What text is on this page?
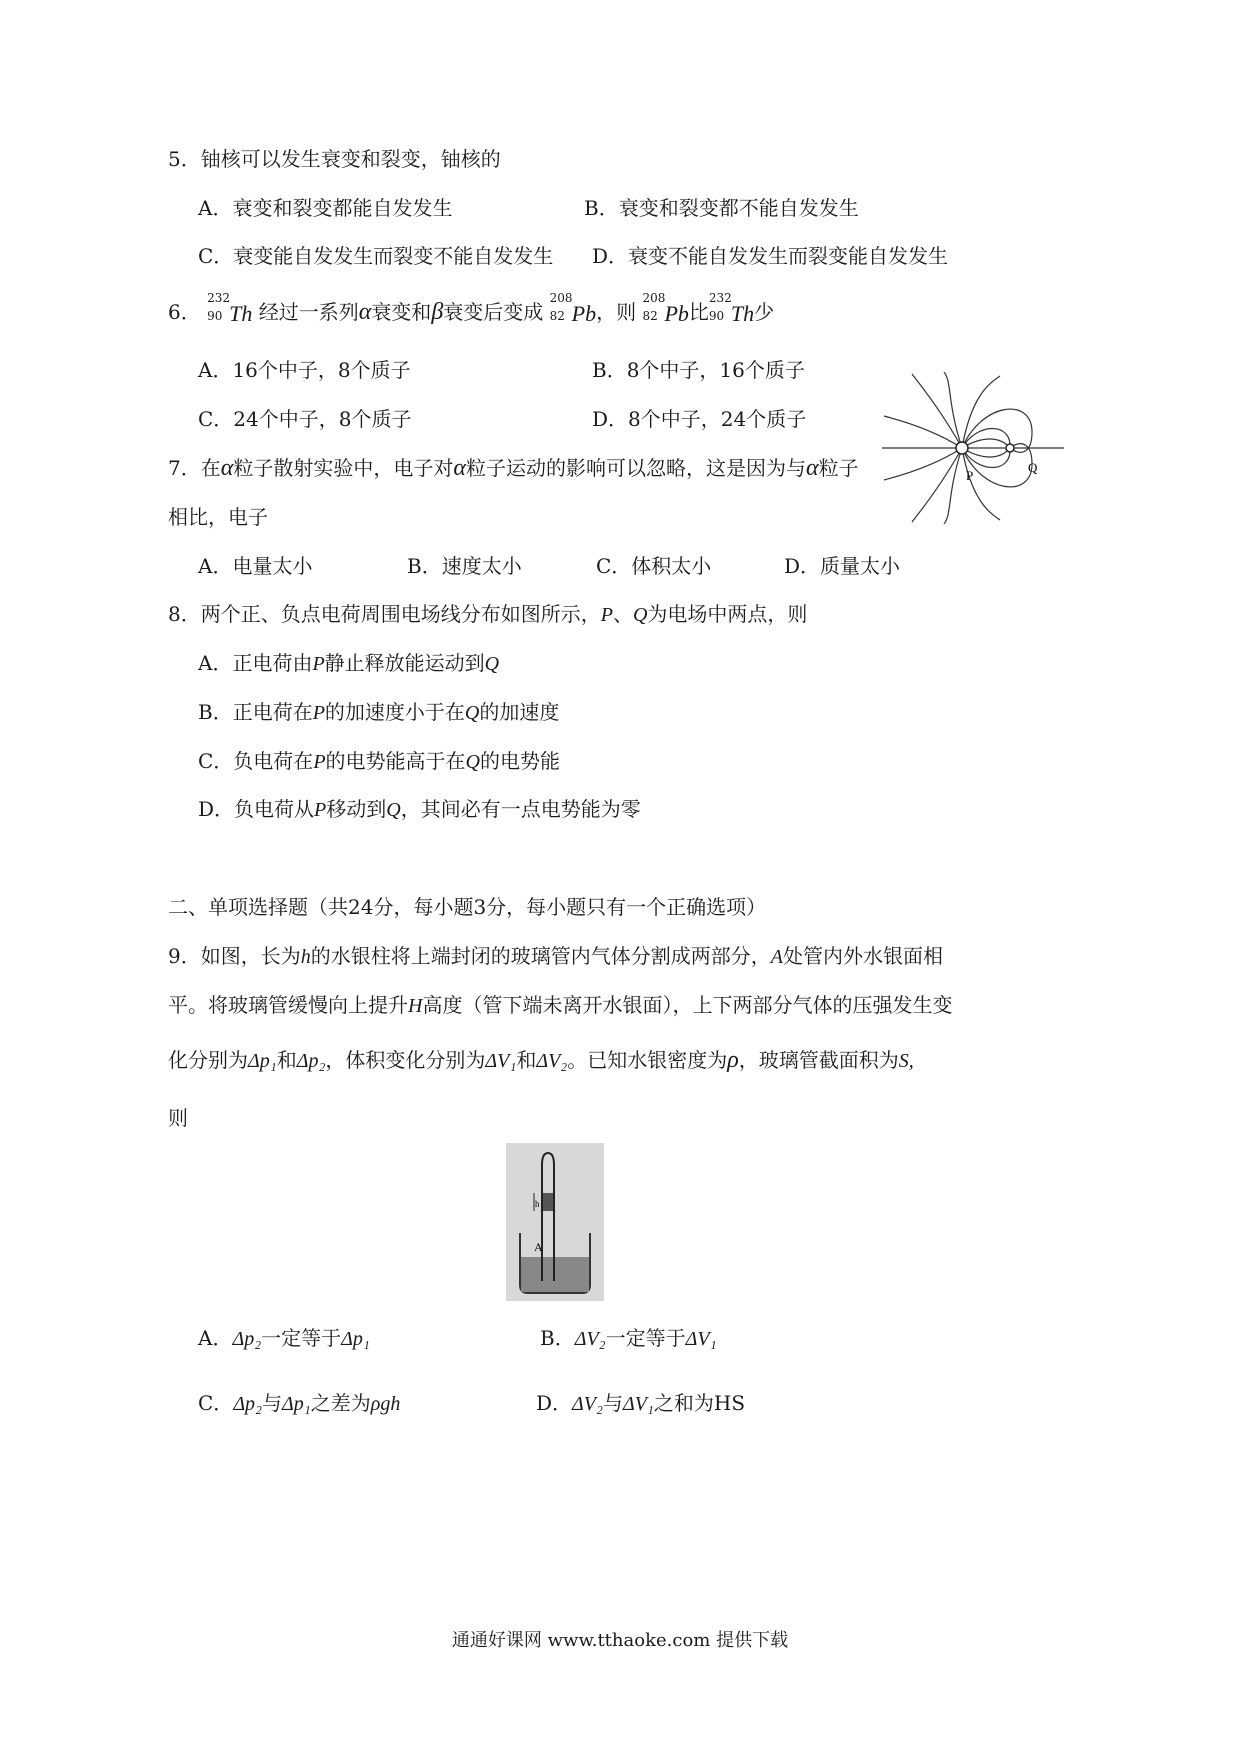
5．铀核可以发生衰变和裂变，铀核的
A．衰变和裂变都能自发发生	B．衰变和裂变都不能自发发生
C．衰变能自发发生而裂变不能自发发生 D．衰变不能自发发生而裂变能自发发生
6．
232
90 Th 经过一系列α衰变和β衰变后变成
208
82 Pb，则
208
82 Pb比
232
90 Th少
A．16个中子，8个质子	B．8个中子，16个质子
C．24个中子，8个质子	D．8个中子，24个质子
P
Q
7．在α粒子散射实验中，电子对α粒子运动的影响可以忽略，这是因为与α粒子
相比，电子
A．电量太小	B．速度太小	C．体积太小	D．质量太小
8．两个正、负点电荷周围电场线分布如图所示，P、Q为电场中两点，则
A．正电荷由P静止释放能运动到Q
B．正电荷在P的加速度小于在Q的加速度
C．负电荷在P的电势能高于在Q的电势能
D．负电荷从P移动到Q，其间必有一点电势能为零
二、单项选择题（共24分，每小题3分，每小题只有一个正确选项）
9．如图，长为h的水银柱将上端封闭的玻璃管内气体分割成两部分，A处管内外水银面相
平。将玻璃管缓慢向上提升H高度（管下端未离开水银面），上下两部分气体的压强发生变
化分别为Δp₁和Δp₂，体积变化分别为ΔV₁和ΔV₂。已知水银密度为ρ，玻璃管截面积为S,
则
h
A
A．Δp₂一定等于Δp₁	B．ΔV₂一定等于ΔV₁
C．Δp₂与Δp₁之差为ρgh	D．ΔV₂与ΔV₁之和为HS
通通好课网 www.tthaoke.com 提供下载
